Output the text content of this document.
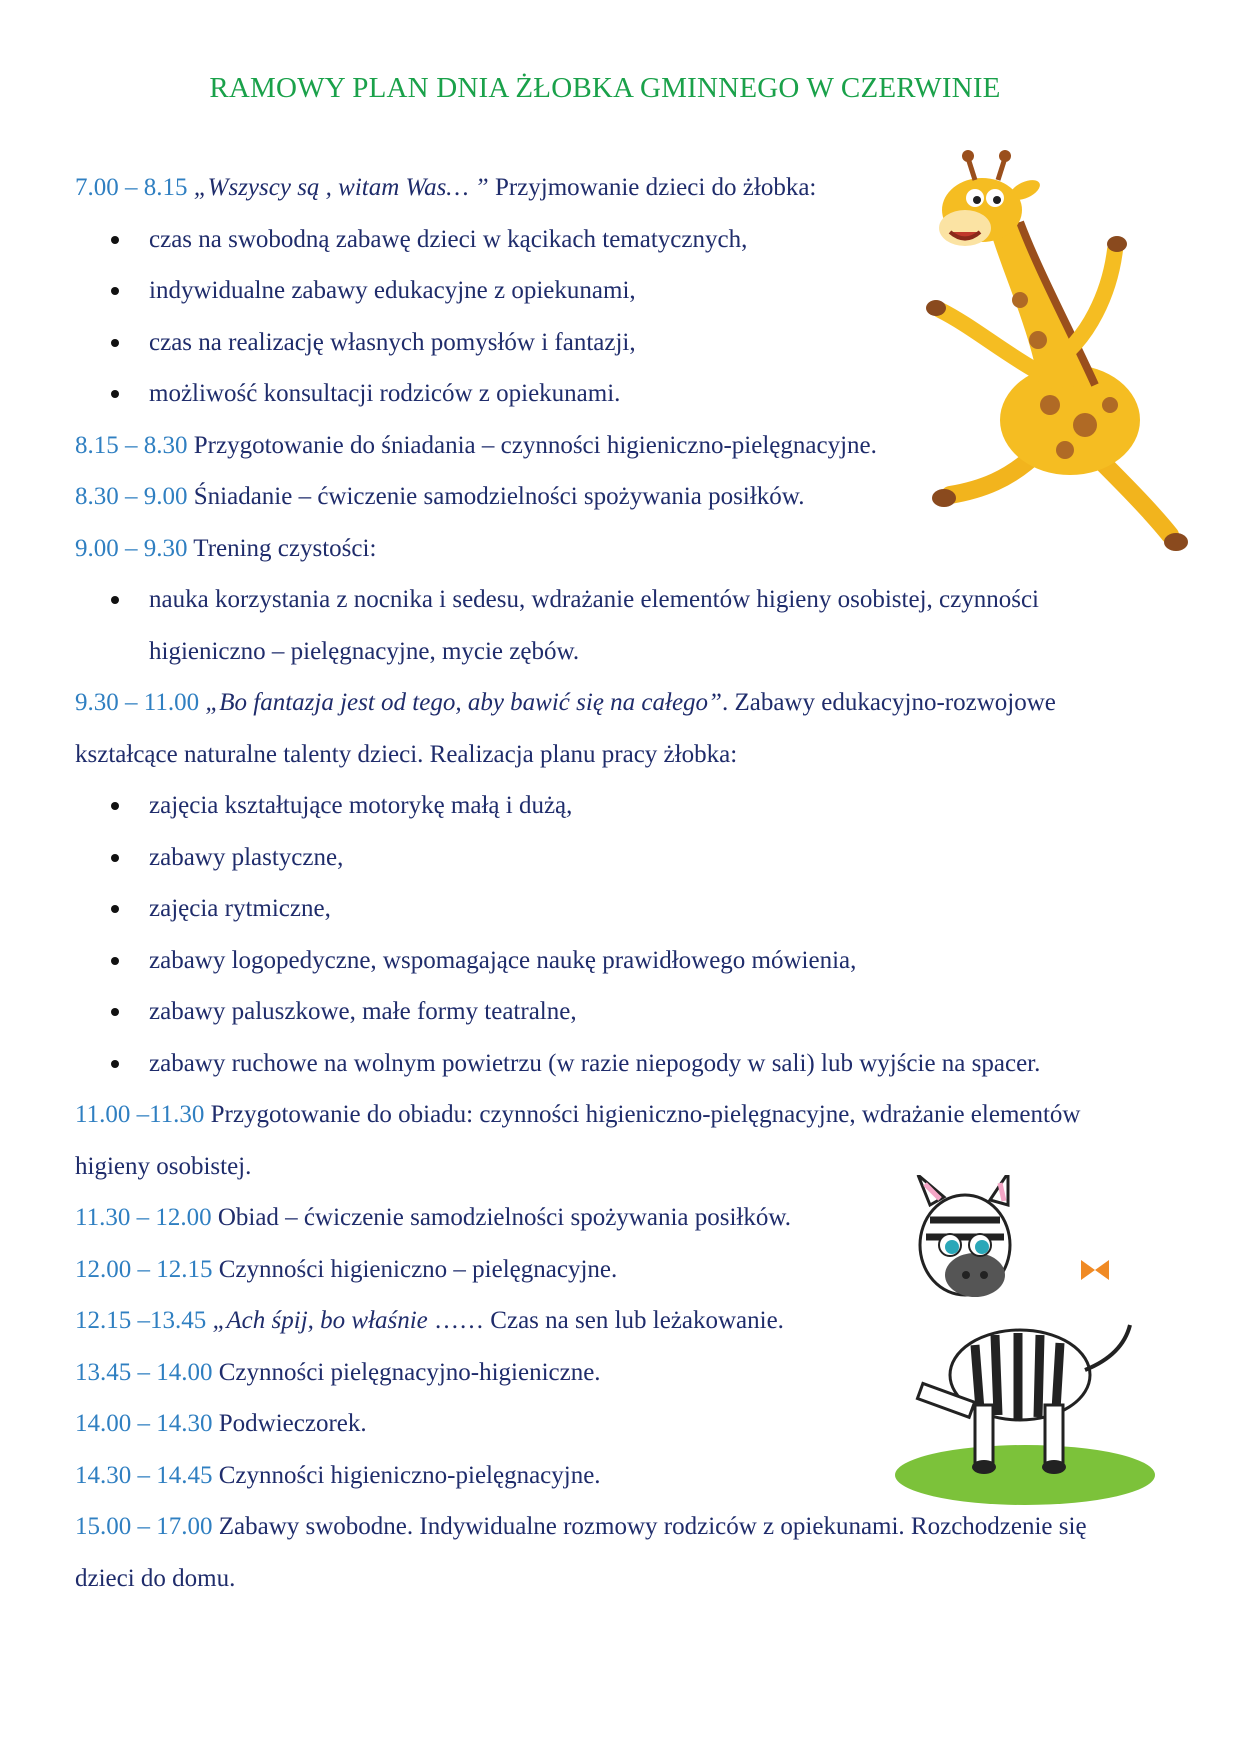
RAMOWY PLAN DNIA ŻŁOBKA GMINNEGO W CZERWINIE

7.00 – 8.15 „Wszyscy są , witam Was… ” Przyjmowanie dzieci do żłobka:

czas na swobodną zabawę dzieci w kącikach tematycznych,
indywidualne zabawy edukacyjne z opiekunami,
czas na realizację własnych pomysłów i fantazji,
możliwość konsultacji rodziców z opiekunami.

8.15 – 8.30 Przygotowanie do śniadania – czynności higieniczno-pielęgnacyjne.

8.30 – 9.00 Śniadanie – ćwiczenie samodzielności spożywania posiłków.

9.00 – 9.30 Trening czystości:

nauka korzystania z nocnika i sedesu, wdrażanie elementów higieny osobistej, czynności higieniczno – pielęgnacyjne, mycie zębów.

9.30 – 11.00 „Bo fantazja jest od tego, aby bawić się na całego”. Zabawy edukacyjno-rozwojowe kształcące naturalne talenty dzieci. Realizacja planu pracy żłobka:

zajęcia kształtujące motorykę małą i dużą,
zabawy plastyczne,
zajęcia rytmiczne,
zabawy logopedyczne, wspomagające naukę prawidłowego mówienia,
zabawy paluszkowe, małe formy teatralne,
zabawy ruchowe na wolnym powietrzu (w razie niepogody w sali) lub wyjście na spacer.

11.00 –11.30 Przygotowanie do obiadu: czynności higieniczno-pielęgnacyjne, wdrażanie elementów higieny osobistej.

11.30 – 12.00 Obiad – ćwiczenie samodzielności spożywania posiłków.

12.00 – 12.15 Czynności higieniczno – pielęgnacyjne.

12.15 –13.45 „Ach śpij, bo właśnie …… Czas na sen lub leżakowanie.

13.45 – 14.00 Czynności pielęgnacyjno-higieniczne.

14.00 – 14.30 Podwieczorek.

14.30 – 14.45 Czynności higieniczno-pielęgnacyjne.

15.00 – 17.00 Zabawy swobodne. Indywidualne rozmowy rodziców z opiekunami. Rozchodzenie się dzieci do domu.
